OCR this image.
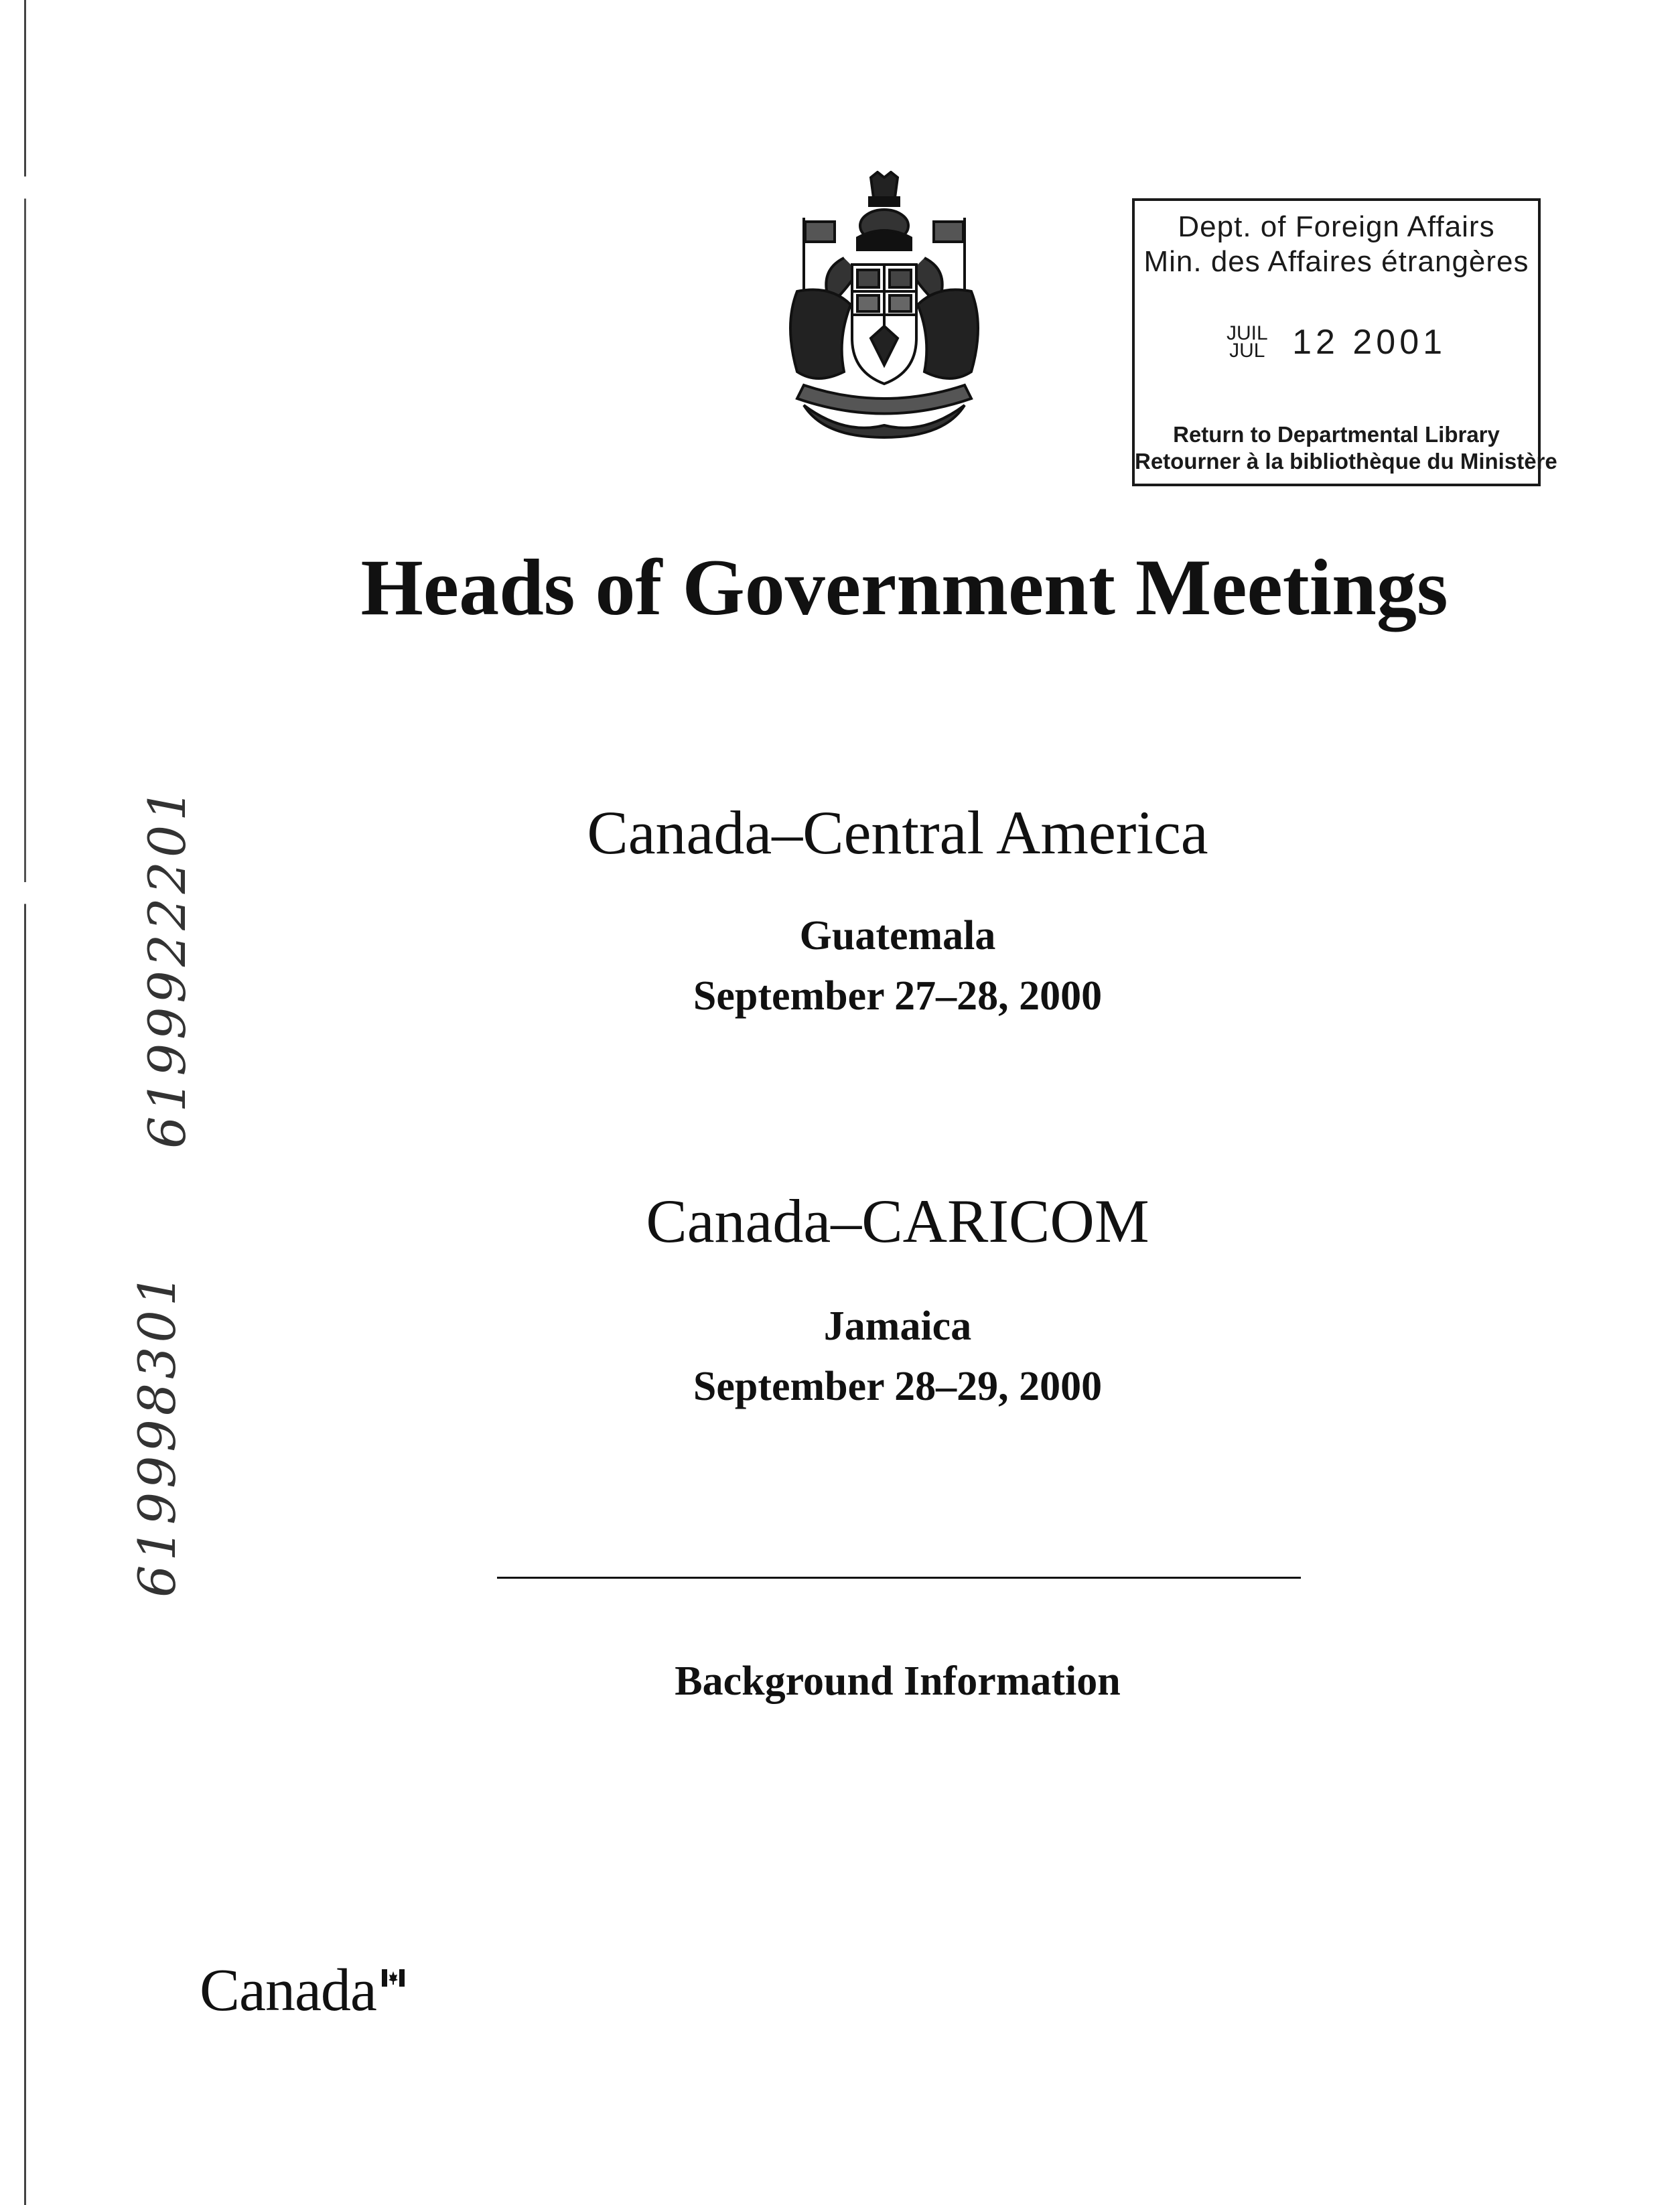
Dept. of Foreign Affairs
Min. des Affaires étrangères
JUIL
JUL 12 2001
Return to Departmental Library
Retourner à la bibliothèque du Ministère
Heads of Government Meetings
Canada–Central America
Guatemala
September 27–28, 2000
Canada–CARICOM
Jamaica
September 28–29, 2000
Background Information
6199922201
619998301
Canada
